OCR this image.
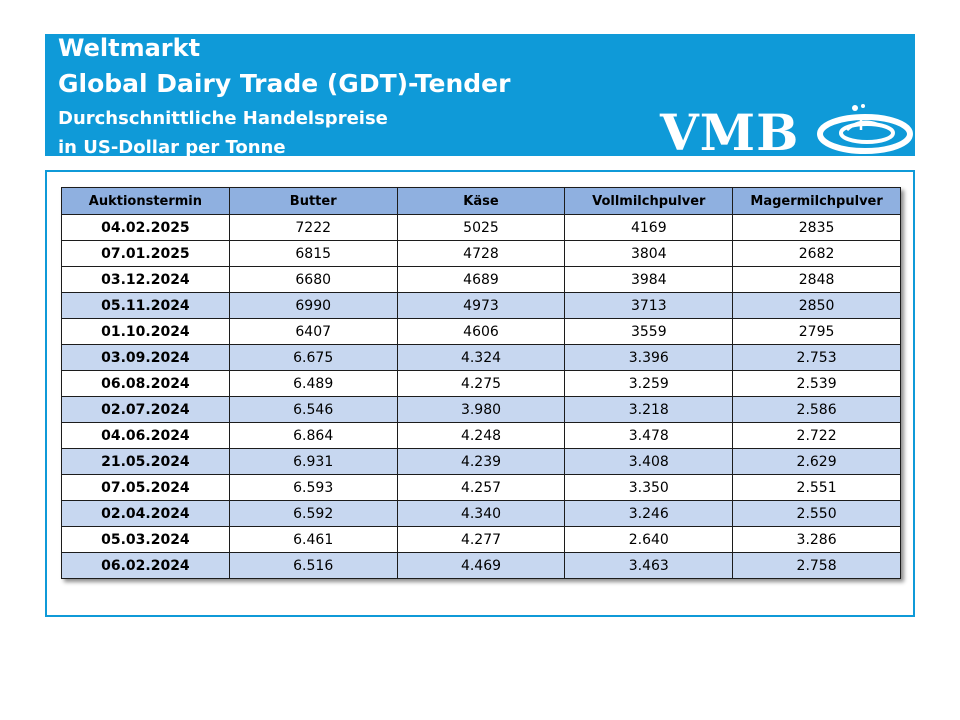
Weltmarkt
Global Dairy Trade (GDT)-Tender
Durchschnittliche Handelspreise
in US-Dollar per Tonne	VMB
Auktionstermin	Butter	Käse	Vollmilchpulver	Magermilchpulver
04.02.2025	7222	5025	4169	2835
07.01.2025	6815	4728	3804	2682
03.12.2024	6680	4689	3984	2848
05.11.2024	6990	4973	3713	2850
01.10.2024	6407	4606	3559	2795
03.09.2024	6.675	4.324	3.396	2.753
06.08.2024	6.489	4.275	3.259	2.539
02.07.2024	6.546	3.980	3.218	2.586
04.06.2024	6.864	4.248	3.478	2.722
21.05.2024	6.931	4.239	3.408	2.629
07.05.2024	6.593	4.257	3.350	2.551
02.04.2024	6.592	4.340	3.246	2.550
05.03.2024	6.461	4.277	2.640	3.286
06.02.2024	6.516	4.469	3.463	2.758
